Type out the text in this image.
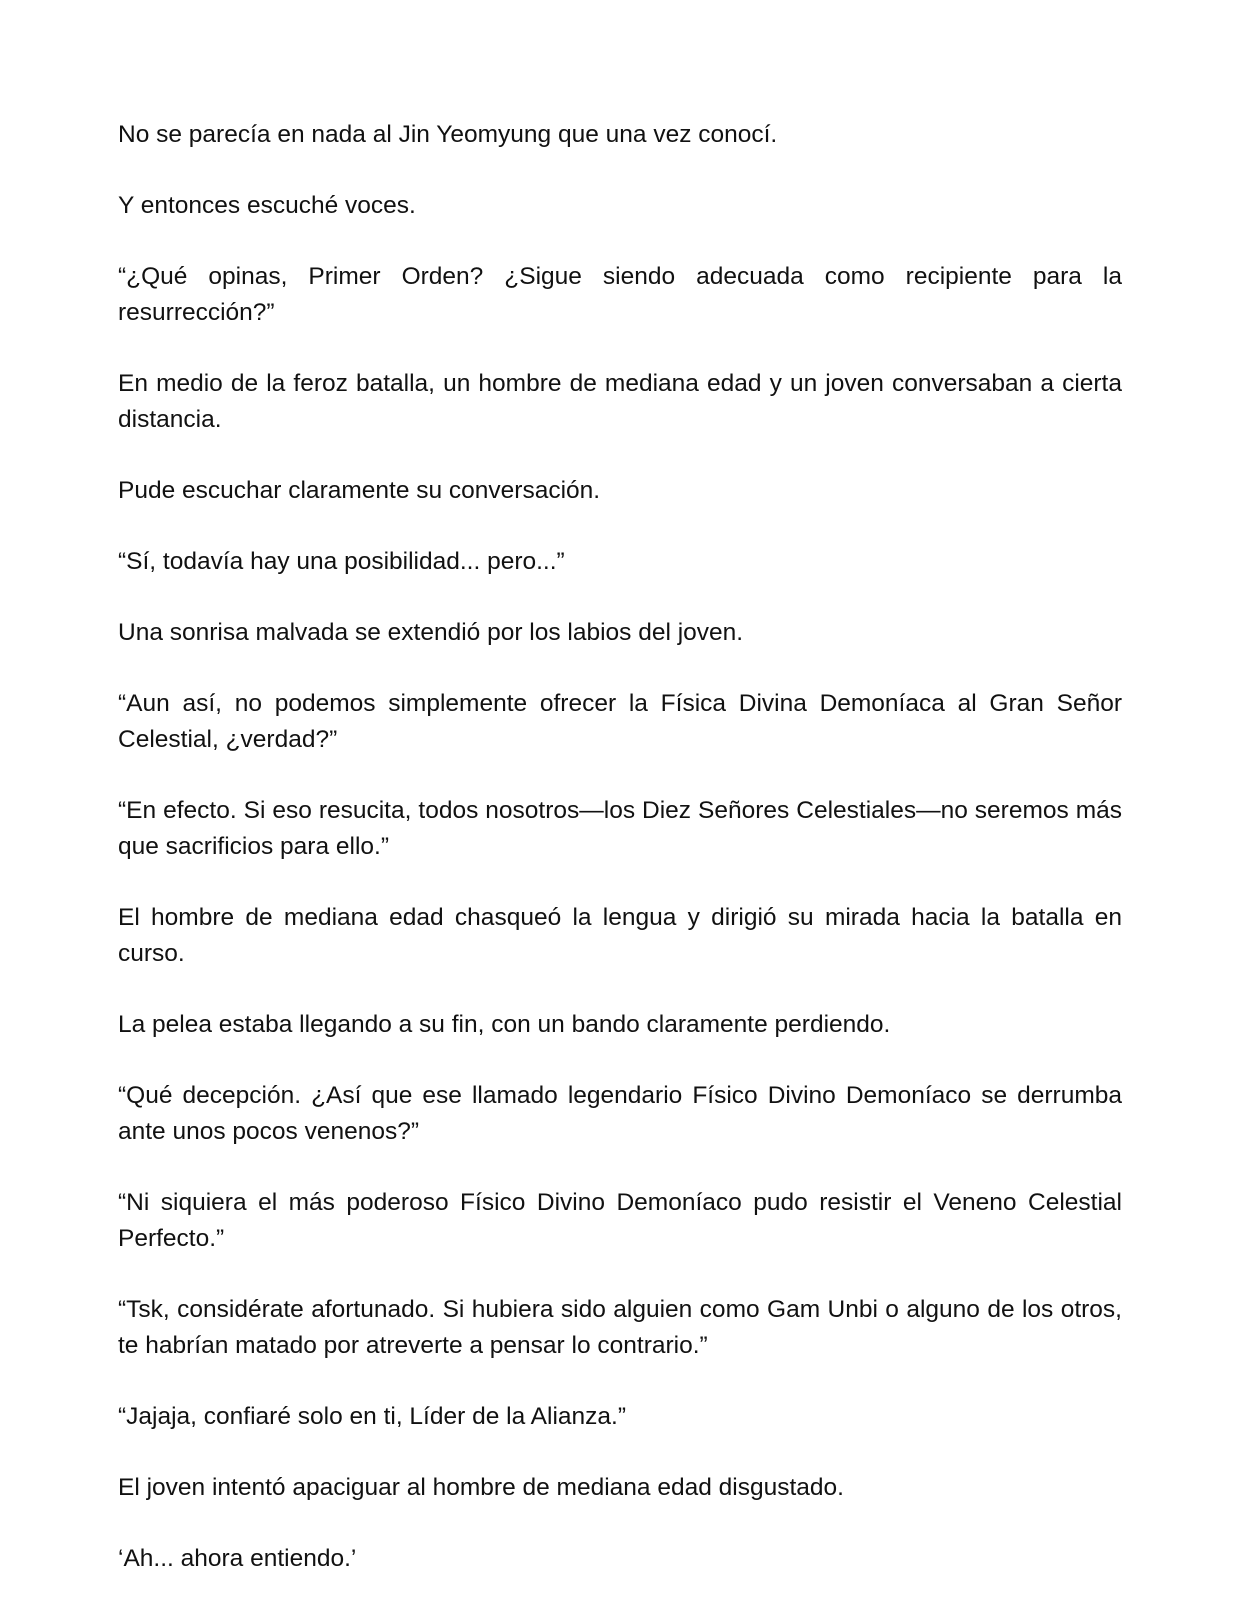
No se parecía en nada al Jin Yeomyung que una vez conocí.

Y entonces escuché voces.

“¿Qué opinas, Primer Orden? ¿Sigue siendo adecuada como recipiente para la resurrección?”

En medio de la feroz batalla, un hombre de mediana edad y un joven conversaban a cierta distancia.

Pude escuchar claramente su conversación.

“Sí, todavía hay una posibilidad... pero...”

Una sonrisa malvada se extendió por los labios del joven.

“Aun así, no podemos simplemente ofrecer la Física Divina Demoníaca al Gran Señor Celestial, ¿verdad?”

“En efecto. Si eso resucita, todos nosotros—los Diez Señores Celestiales—no seremos más que sacrificios para ello.”

El hombre de mediana edad chasqueó la lengua y dirigió su mirada hacia la batalla en curso.

La pelea estaba llegando a su fin, con un bando claramente perdiendo.

“Qué decepción. ¿Así que ese llamado legendario Físico Divino Demoníaco se derrumba ante unos pocos venenos?”

“Ni siquiera el más poderoso Físico Divino Demoníaco pudo resistir el Veneno Celestial Perfecto.”

“Tsk, considérate afortunado. Si hubiera sido alguien como Gam Unbi o alguno de los otros, te habrían matado por atreverte a pensar lo contrario.”

“Jajaja, confiaré solo en ti, Líder de la Alianza.”

El joven intentó apaciguar al hombre de mediana edad disgustado.

‘Ah... ahora entiendo.’
